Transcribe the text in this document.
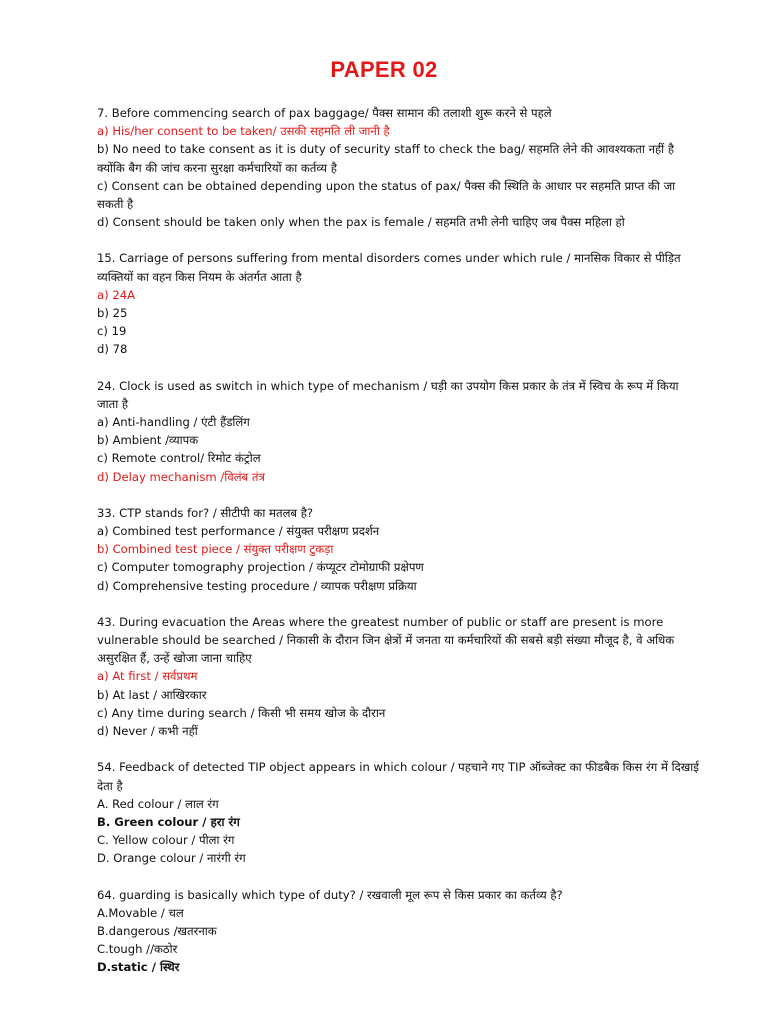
PAPER 02
7. Before commencing search of pax baggage/ पैक्स सामान की तलाशी शुरू करने से पहले
a) His/her consent to be taken/ उसकी सहमति ली जानी है
b) No need to take consent as it is duty of security staff to check the bag/ सहमति लेने की आवश्यकता नहीं है क्योंकि बैग की जांच करना सुरक्षा कर्मचारियों का कर्तव्य है
c) Consent can be obtained depending upon the status of pax/ पैक्स की स्थिति के आधार पर सहमति प्राप्त की जा सकती है
d) Consent should be taken only when the pax is female / सहमति तभी लेनी चाहिए जब पैक्स महिला हो
15. Carriage of persons suffering from mental disorders comes under which rule / मानसिक विकार से पीड़ित व्यक्तियों का वहन किस नियम के अंतर्गत आता है
a) 24A
b) 25
c) 19
d) 78
24. Clock is used as switch in which type of mechanism / घड़ी का उपयोग किस प्रकार के तंत्र में स्विच के रूप में किया जाता है
a) Anti-handling / एंटी हैंडलिंग
b) Ambient /व्यापक
c) Remote control/ रिमोट कंट्रोल
d) Delay mechanism /विलंब तंत्र
33. CTP stands for? / सीटीपी का मतलब है?
a) Combined test performance / संयुक्त परीक्षण प्रदर्शन
b) Combined test piece / संयुक्त परीक्षण टुकड़ा
c) Computer tomography projection / कंप्यूटर टोमोग्राफी प्रक्षेपण
d) Comprehensive testing procedure / व्यापक परीक्षण प्रक्रिया
43. During evacuation the Areas where the greatest number of public or staff are present is more vulnerable should be searched / निकासी के दौरान जिन क्षेत्रों में जनता या कर्मचारियों की सबसे बड़ी संख्या मौजूद है, वे अधिक असुरक्षित हैं, उन्हें खोजा जाना चाहिए
a) At first / सर्वप्रथम
b) At last / आखिरकार
c) Any time during search / किसी भी समय खोज के दौरान
d) Never / कभी नहीं
54. Feedback of detected TIP object appears in which colour / पहचाने गए TIP ऑब्जेक्ट का फीडबैक किस रंग में दिखाई देता है
A. Red colour / लाल रंग
B. Green colour / हरा रंग
C. Yellow colour / पीला रंग
D. Orange colour / नारंगी रंग
64. guarding is basically which type of duty? / रखवाली मूल रूप से किस प्रकार का कर्तव्य है?
A.Movable / चल
B.dangerous /खतरनाक
C.tough //कठोर
D.static / स्थिर
